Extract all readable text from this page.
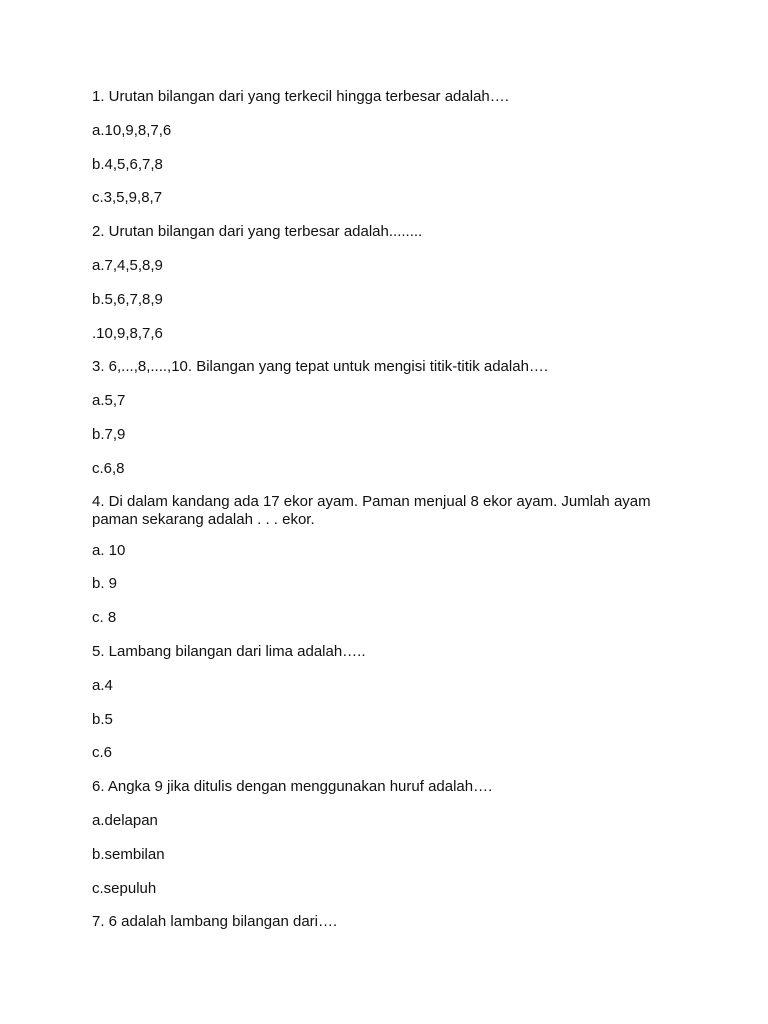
1. Urutan bilangan dari yang terkecil hingga terbesar adalah….

a.10,9,8,7,6

b.4,5,6,7,8

c.3,5,9,8,7

2. Urutan bilangan dari yang terbesar adalah........

a.7,4,5,8,9

b.5,6,7,8,9

.10,9,8,7,6

3. 6,...,8,....,10. Bilangan yang tepat untuk mengisi titik-titik adalah….

a.5,7

b.7,9

c.6,8

4. Di dalam kandang ada 17 ekor ayam. Paman menjual 8 ekor ayam. Jumlah ayam paman sekarang adalah . . . ekor.

a. 10

b. 9

c. 8

5. Lambang bilangan dari lima adalah…..

a.4

b.5

c.6

6. Angka 9 jika ditulis dengan menggunakan huruf adalah….

a.delapan

b.sembilan

c.sepuluh

7. 6 adalah lambang bilangan dari….
